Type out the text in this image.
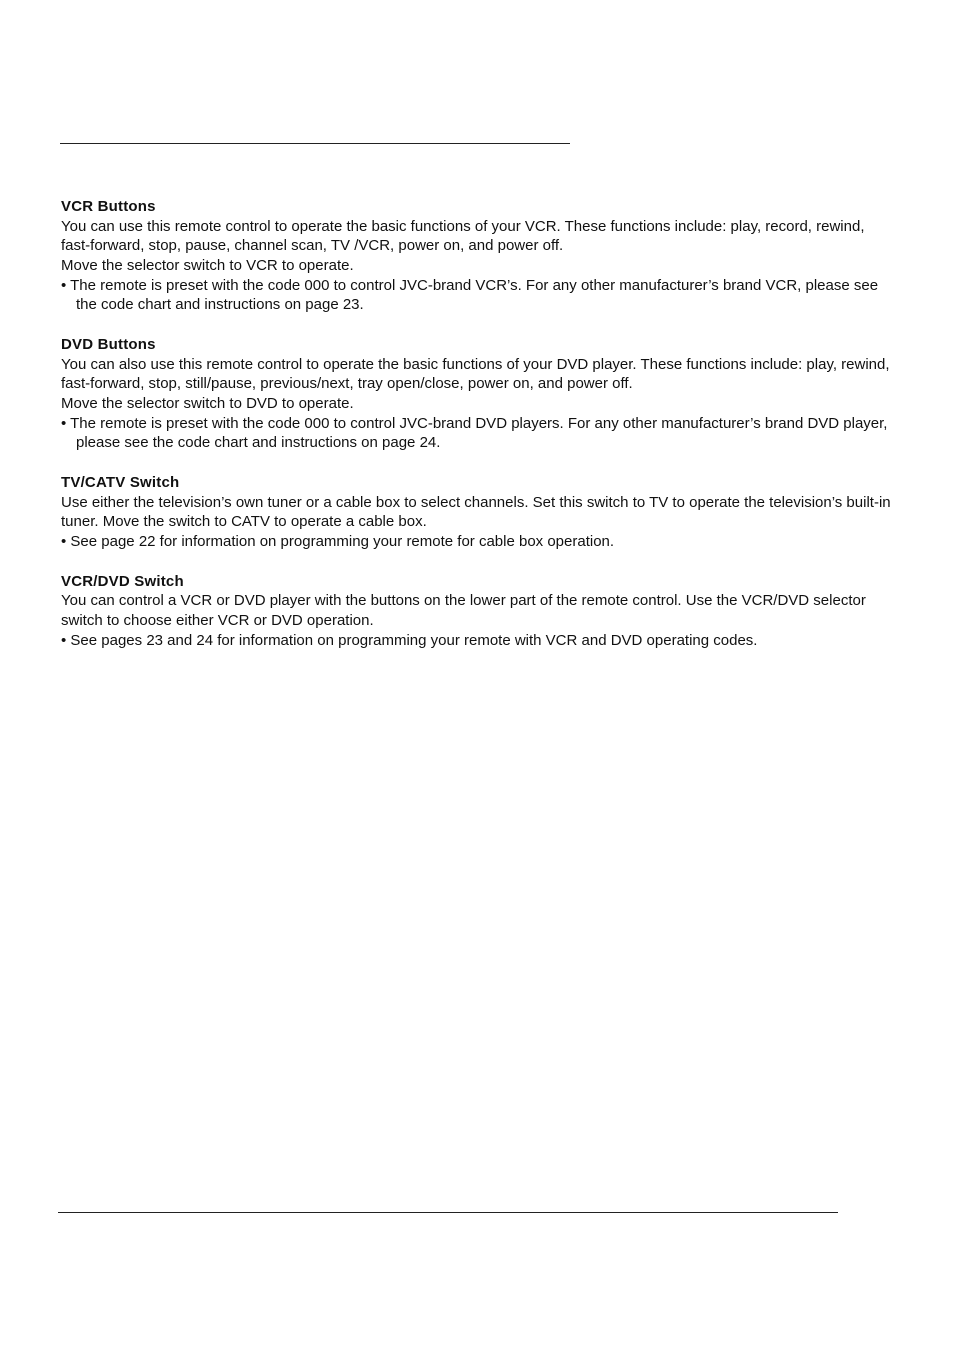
VCR Buttons
You can use this remote control to operate the basic functions of your VCR. These functions include: play, record, rewind, fast-forward, stop, pause, channel scan, TV /VCR, power on, and power off.
Move the selector switch to VCR to operate.
• The remote is preset with the code 000 to control JVC-brand VCR’s. For any other manufacturer’s brand VCR, please see the code chart and instructions on page 23.
DVD Buttons
You can also use this remote control to operate the basic functions of your DVD player. These functions include: play, rewind, fast-forward, stop, still/pause, previous/next, tray open/close, power on, and power off.
Move the selector switch to DVD to operate.
• The remote is preset with the code 000 to control JVC-brand DVD players. For any other manufacturer’s brand DVD player, please see the code chart and instructions on page 24.
TV/CATV Switch
Use either the television’s own tuner or a cable box to select channels. Set this switch to TV to operate the television’s built-in tuner. Move the switch to CATV to operate a cable box.
• See page 22 for information on programming your remote for cable box operation.
VCR/DVD Switch
You can control a VCR or DVD player with the buttons on the lower part of the remote control. Use the VCR/DVD selector switch to choose either VCR or DVD operation.
• See pages 23 and 24 for information on programming your remote with VCR and DVD operating codes.
